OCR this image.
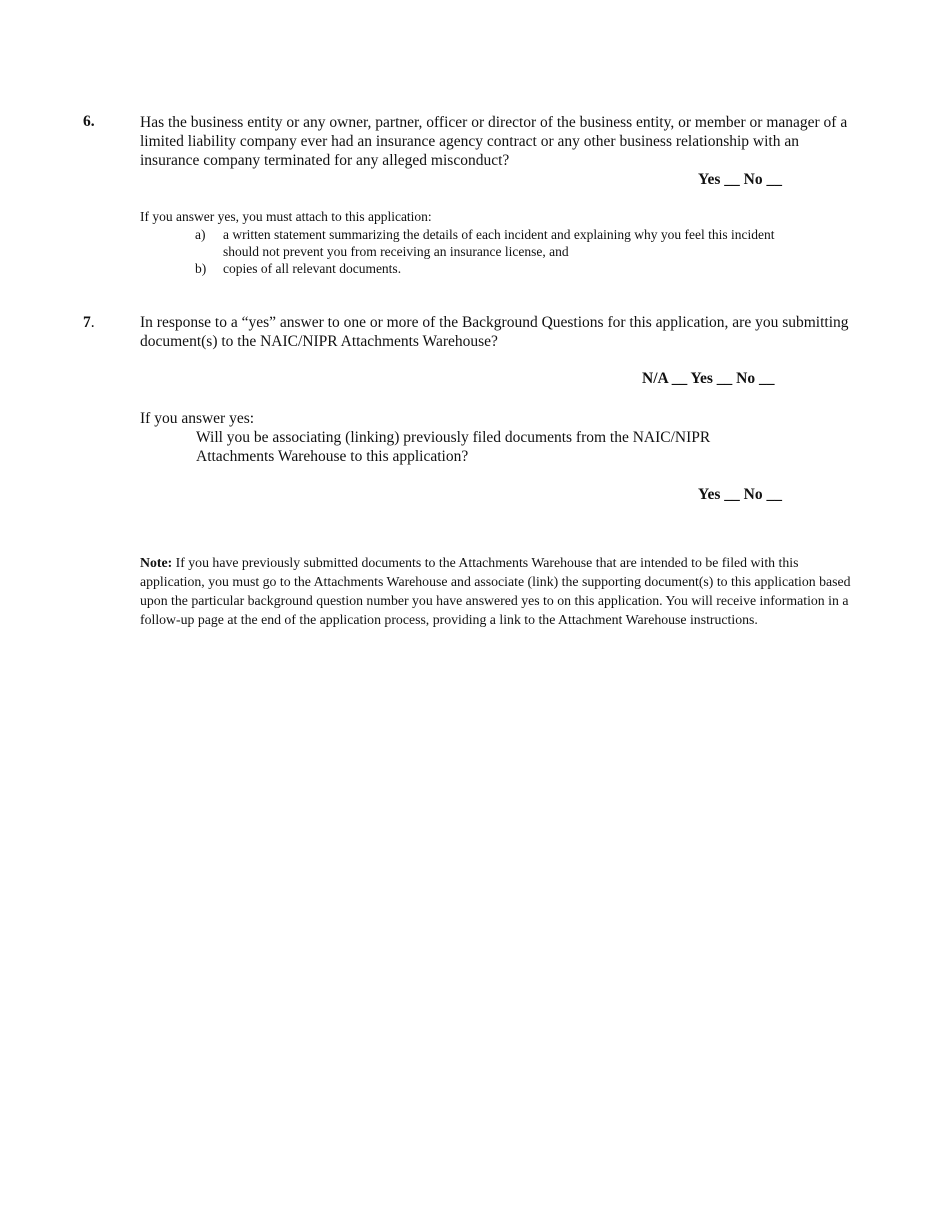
6.	Has the business entity or any owner, partner, officer or director of the business entity, or member or manager of a limited liability company ever had an insurance agency contract or any other business relationship with an insurance company terminated for any alleged misconduct?
Yes __ No __
If you answer yes, you must attach to this application:
a) a written statement summarizing the details of each incident and explaining why you feel this incident should not prevent you from receiving an insurance license, and
b) copies of all relevant documents.
7.	In response to a “yes” answer to one or more of the Background Questions for this application, are you submitting document(s) to the NAIC/NIPR Attachments Warehouse?
N/A __ Yes __ No __
If you answer yes:
Will you be associating (linking) previously filed documents from the NAIC/NIPR Attachments Warehouse to this application?
Yes __ No __
Note: If you have previously submitted documents to the Attachments Warehouse that are intended to be filed with this application, you must go to the Attachments Warehouse and associate (link) the supporting document(s) to this application based upon the particular background question number you have answered yes to on this application. You will receive information in a follow-up page at the end of the application process, providing a link to the Attachment Warehouse instructions.
